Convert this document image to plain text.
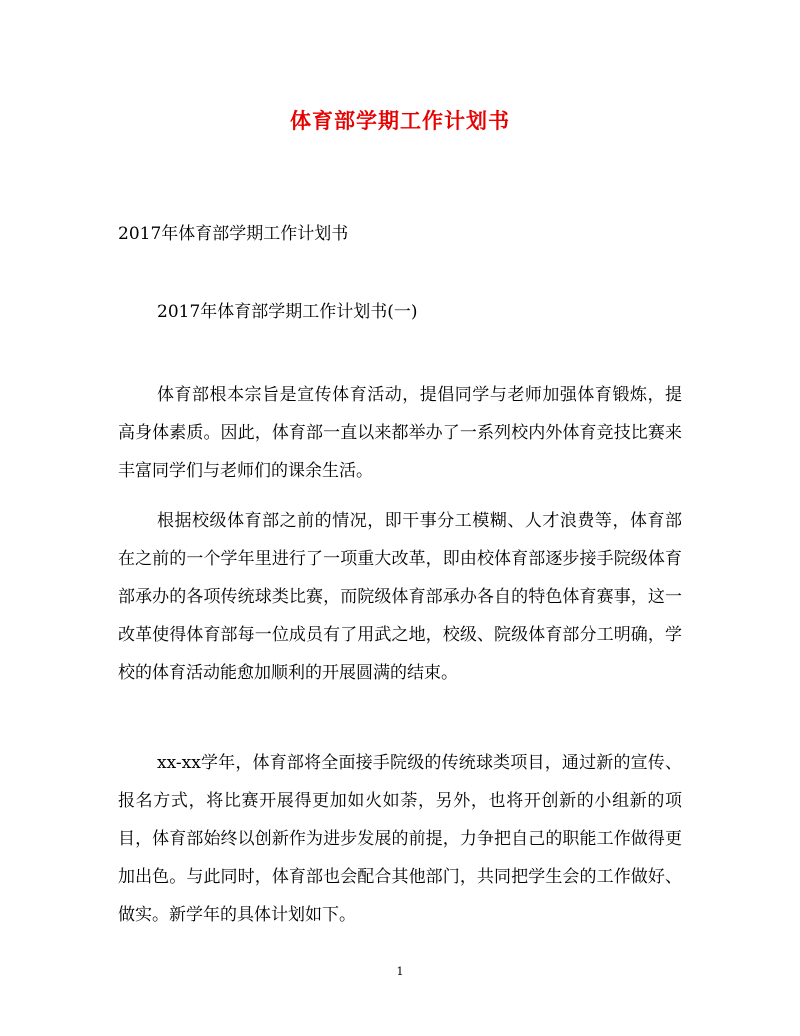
体育部学期工作计划书
2017年体育部学期工作计划书
2017年体育部学期工作计划书(一)

体育部根本宗旨是宣传体育活动，提倡同学与老师加强体育锻炼，提高身体素质。因此，体育部一直以来都举办了一系列校内外体育竞技比赛来丰富同学们与老师们的课余生活。

根据校级体育部之前的情况，即干事分工模糊、人才浪费等，体育部在之前的一个学年里进行了一项重大改革，即由校体育部逐步接手院级体育部承办的各项传统球类比赛，而院级体育部承办各自的特色体育赛事，这一改革使得体育部每一位成员有了用武之地，校级、院级体育部分工明确，学校的体育活动能愈加顺利的开展圆满的结束。

xx-xx学年，体育部将全面接手院级的传统球类项目，通过新的宣传、报名方式，将比赛开展得更加如火如荼，另外，也将开创新的小组新的项目，体育部始终以创新作为进步发展的前提，力争把自己的职能工作做得更加出色。与此同时，体育部也会配合其他部门，共同把学生会的工作做好、做实。新学年的具体计划如下。

1
